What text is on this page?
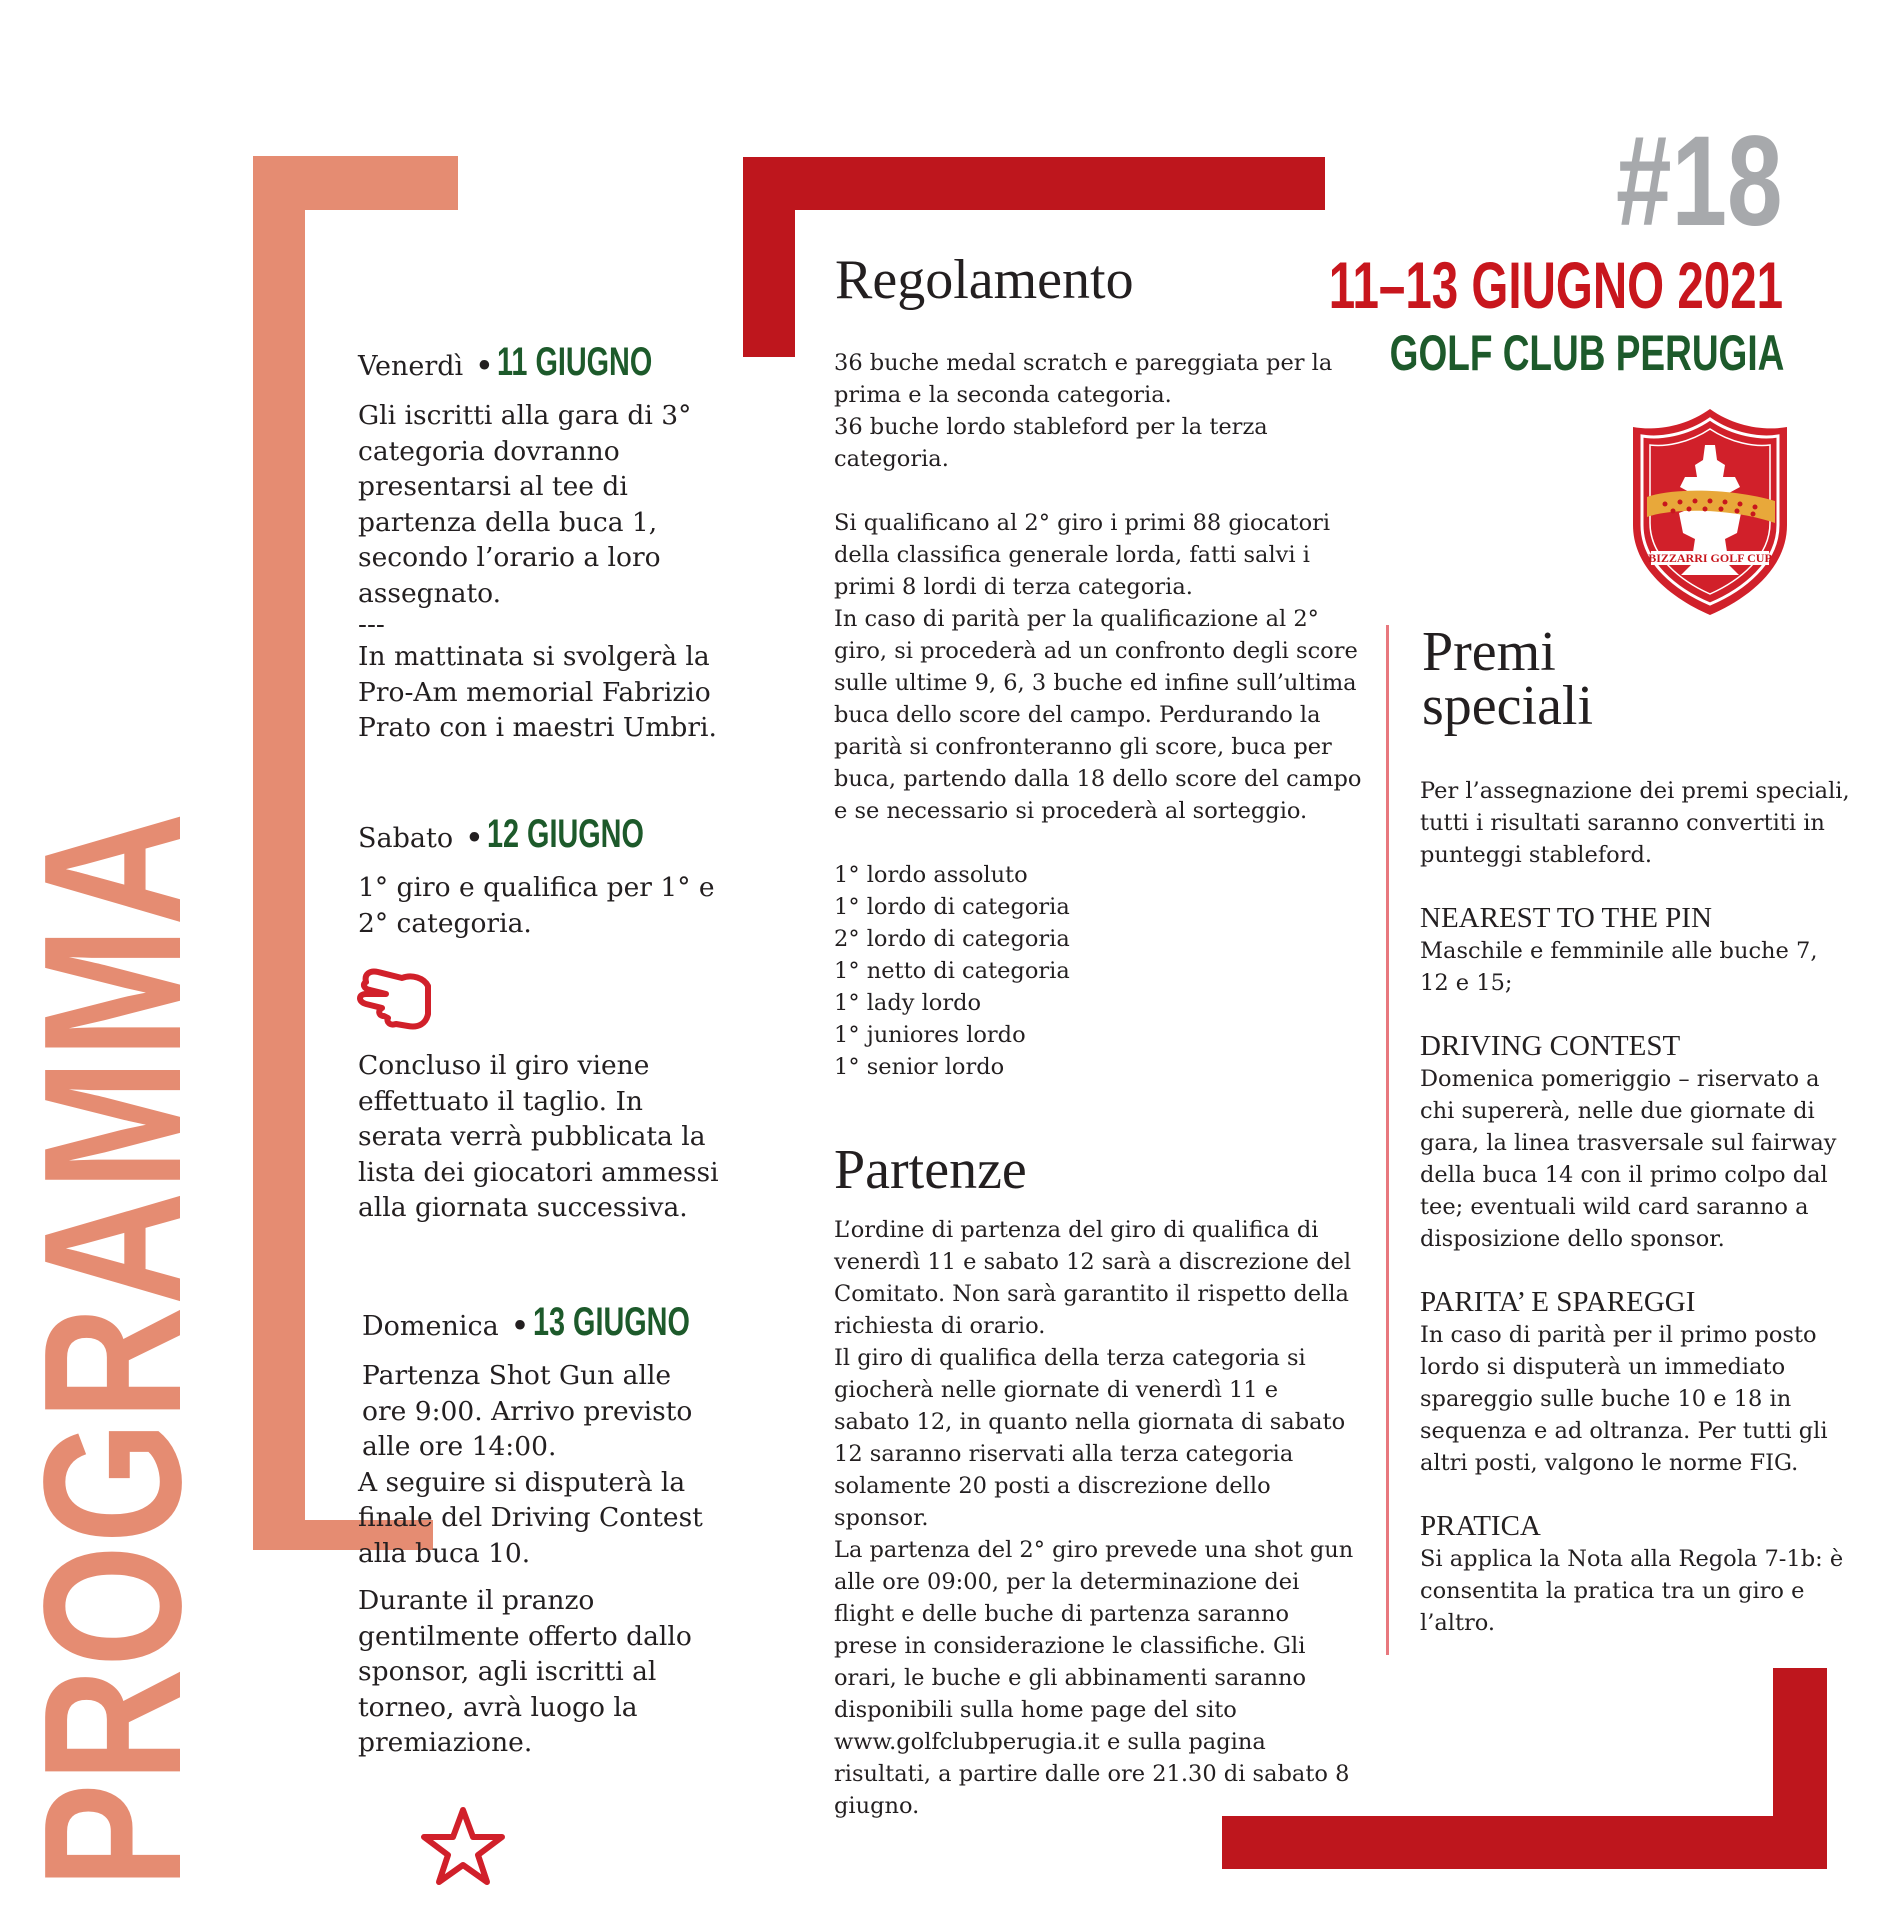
PROGRAMMA
#18
11–13 GIUGNO 2021
GOLF CLUB PERUGIA
BIZZARRI GOLF CUP
Venerdì • 11 GIUGNO

Gli iscritti alla gara di 3° categoria dovranno presentarsi al tee di partenza della buca 1, secondo l’orario a loro assegnato.

---

In mattinata si svolgerà la Pro-Am memorial Fabrizio Prato con i maestri Umbri.

Sabato • 12 GIUGNO

1° giro e qualifica per 1° e 2° categoria.

Concluso il giro viene effettuato il taglio. In serata verrà pubblicata la lista dei giocatori ammessi alla giornata successiva.

Domenica • 13 GIUGNO

Partenza Shot Gun alle ore 9:00. Arrivo previsto alle ore 14:00.

A seguire si disputerà la finale del Driving Contest alla buca 10.

Durante il pranzo gentilmente offerto dallo sponsor, agli iscritti al torneo, avrà luogo la premiazione.

Regolamento

36 buche medal scratch e pareggiata per la prima e la seconda categoria.

36 buche lordo stableford per la terza categoria.

Si qualificano al 2° giro i primi 88 giocatori della classifica generale lorda, fatti salvi i primi 8 lordi di terza categoria.

In caso di parità per la qualificazione al 2° giro, si procederà ad un confronto degli score sulle ultime 9, 6, 3 buche ed infine sull’ultima buca dello score del campo. Perdurando la parità si confronteranno gli score, buca per buca, partendo dalla 18 dello score del campo e se necessario si procederà al sorteggio.

1° lordo assoluto
1° lordo di categoria
2° lordo di categoria
1° netto di categoria
1° lady lordo
1° juniores lordo
1° senior lordo
Partenze

L’ordine di partenza del giro di qualifica di venerdì 11 e sabato 12 sarà a discrezione del Comitato. Non sarà garantito il rispetto della richiesta di orario.

Il giro di qualifica della terza categoria si giocherà nelle giornate di venerdì 11 e sabato 12, in quanto nella giornata di sabato 12 saranno riservati alla terza categoria solamente 20 posti a discrezione dello sponsor.

La partenza del 2° giro prevede una shot gun alle ore 09:00, per la determinazione dei flight e delle buche di partenza saranno prese in considerazione le classifiche. Gli orari, le buche e gli abbinamenti saranno disponibili sulla home page del sito www.golfclubperugia.it e sulla pagina risultati, a partire dalle ore 21.30 di sabato 8 giugno.

Premi
speciali

Per l’assegnazione dei premi speciali, tutti i risultati saranno convertiti in punteggi stableford.

NEAREST TO THE PIN

Maschile e femminile alle buche 7, 12 e 15;

DRIVING CONTEST

Domenica pomeriggio – riservato a chi supererà, nelle due giornate di gara, la linea trasversale sul fairway della buca 14 con il primo colpo dal tee; eventuali wild card saranno a disposizione dello sponsor.

PARITA’ E SPAREGGI

In caso di parità per il primo posto lordo si disputerà un immediato spareggio sulle buche 10 e 18 in sequenza e ad oltranza. Per tutti gli altri posti, valgono le norme FIG.

PRATICA

Si applica la Nota alla Regola 7-1b: è consentita la pratica tra un giro e l’altro.
